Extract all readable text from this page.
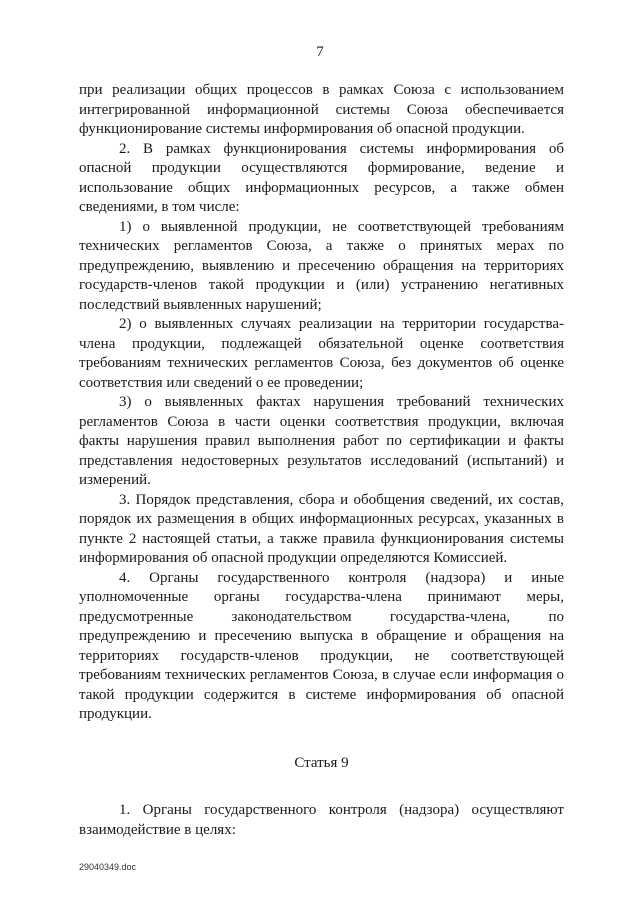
7

при реализации общих процессов в рамках Союза с использованием интегрированной информационной системы Союза обеспечивается функционирование системы информирования об опасной продукции.

2. В рамках функционирования системы информирования об опасной продукции осуществляются формирование, ведение и использование общих информационных ресурсов, а также обмен сведениями, в том числе:

1) о выявленной продукции, не соответствующей требованиям технических регламентов Союза, а также о принятых мерах по предупреждению, выявлению и пресечению обращения на территориях государств-членов такой продукции и (или) устранению негативных последствий выявленных нарушений;

2) о выявленных случаях реализации на территории государства-члена продукции, подлежащей обязательной оценке соответствия требованиям технических регламентов Союза, без документов об оценке соответствия или сведений о ее проведении;

3) о выявленных фактах нарушения требований технических регламентов Союза в части оценки соответствия продукции, включая факты нарушения правил выполнения работ по сертификации и факты представления недостоверных результатов исследований (испытаний) и измерений.

3. Порядок представления, сбора и обобщения сведений, их состав, порядок их размещения в общих информационных ресурсах, указанных в пункте 2 настоящей статьи, а также правила функционирования системы информирования об опасной продукции определяются Комиссией.

4. Органы государственного контроля (надзора) и иные уполномоченные органы государства-члена принимают меры, предусмотренные законодательством государства-члена, по предупреждению и пресечению выпуска в обращение и обращения на территориях государств-членов продукции, не соответствующей требованиям технических регламентов Союза, в случае если информация о такой продукции содержится в системе информирования об опасной продукции.

Статья 9

1. Органы государственного контроля (надзора) осуществляют взаимодействие в целях:

29040349.doc
